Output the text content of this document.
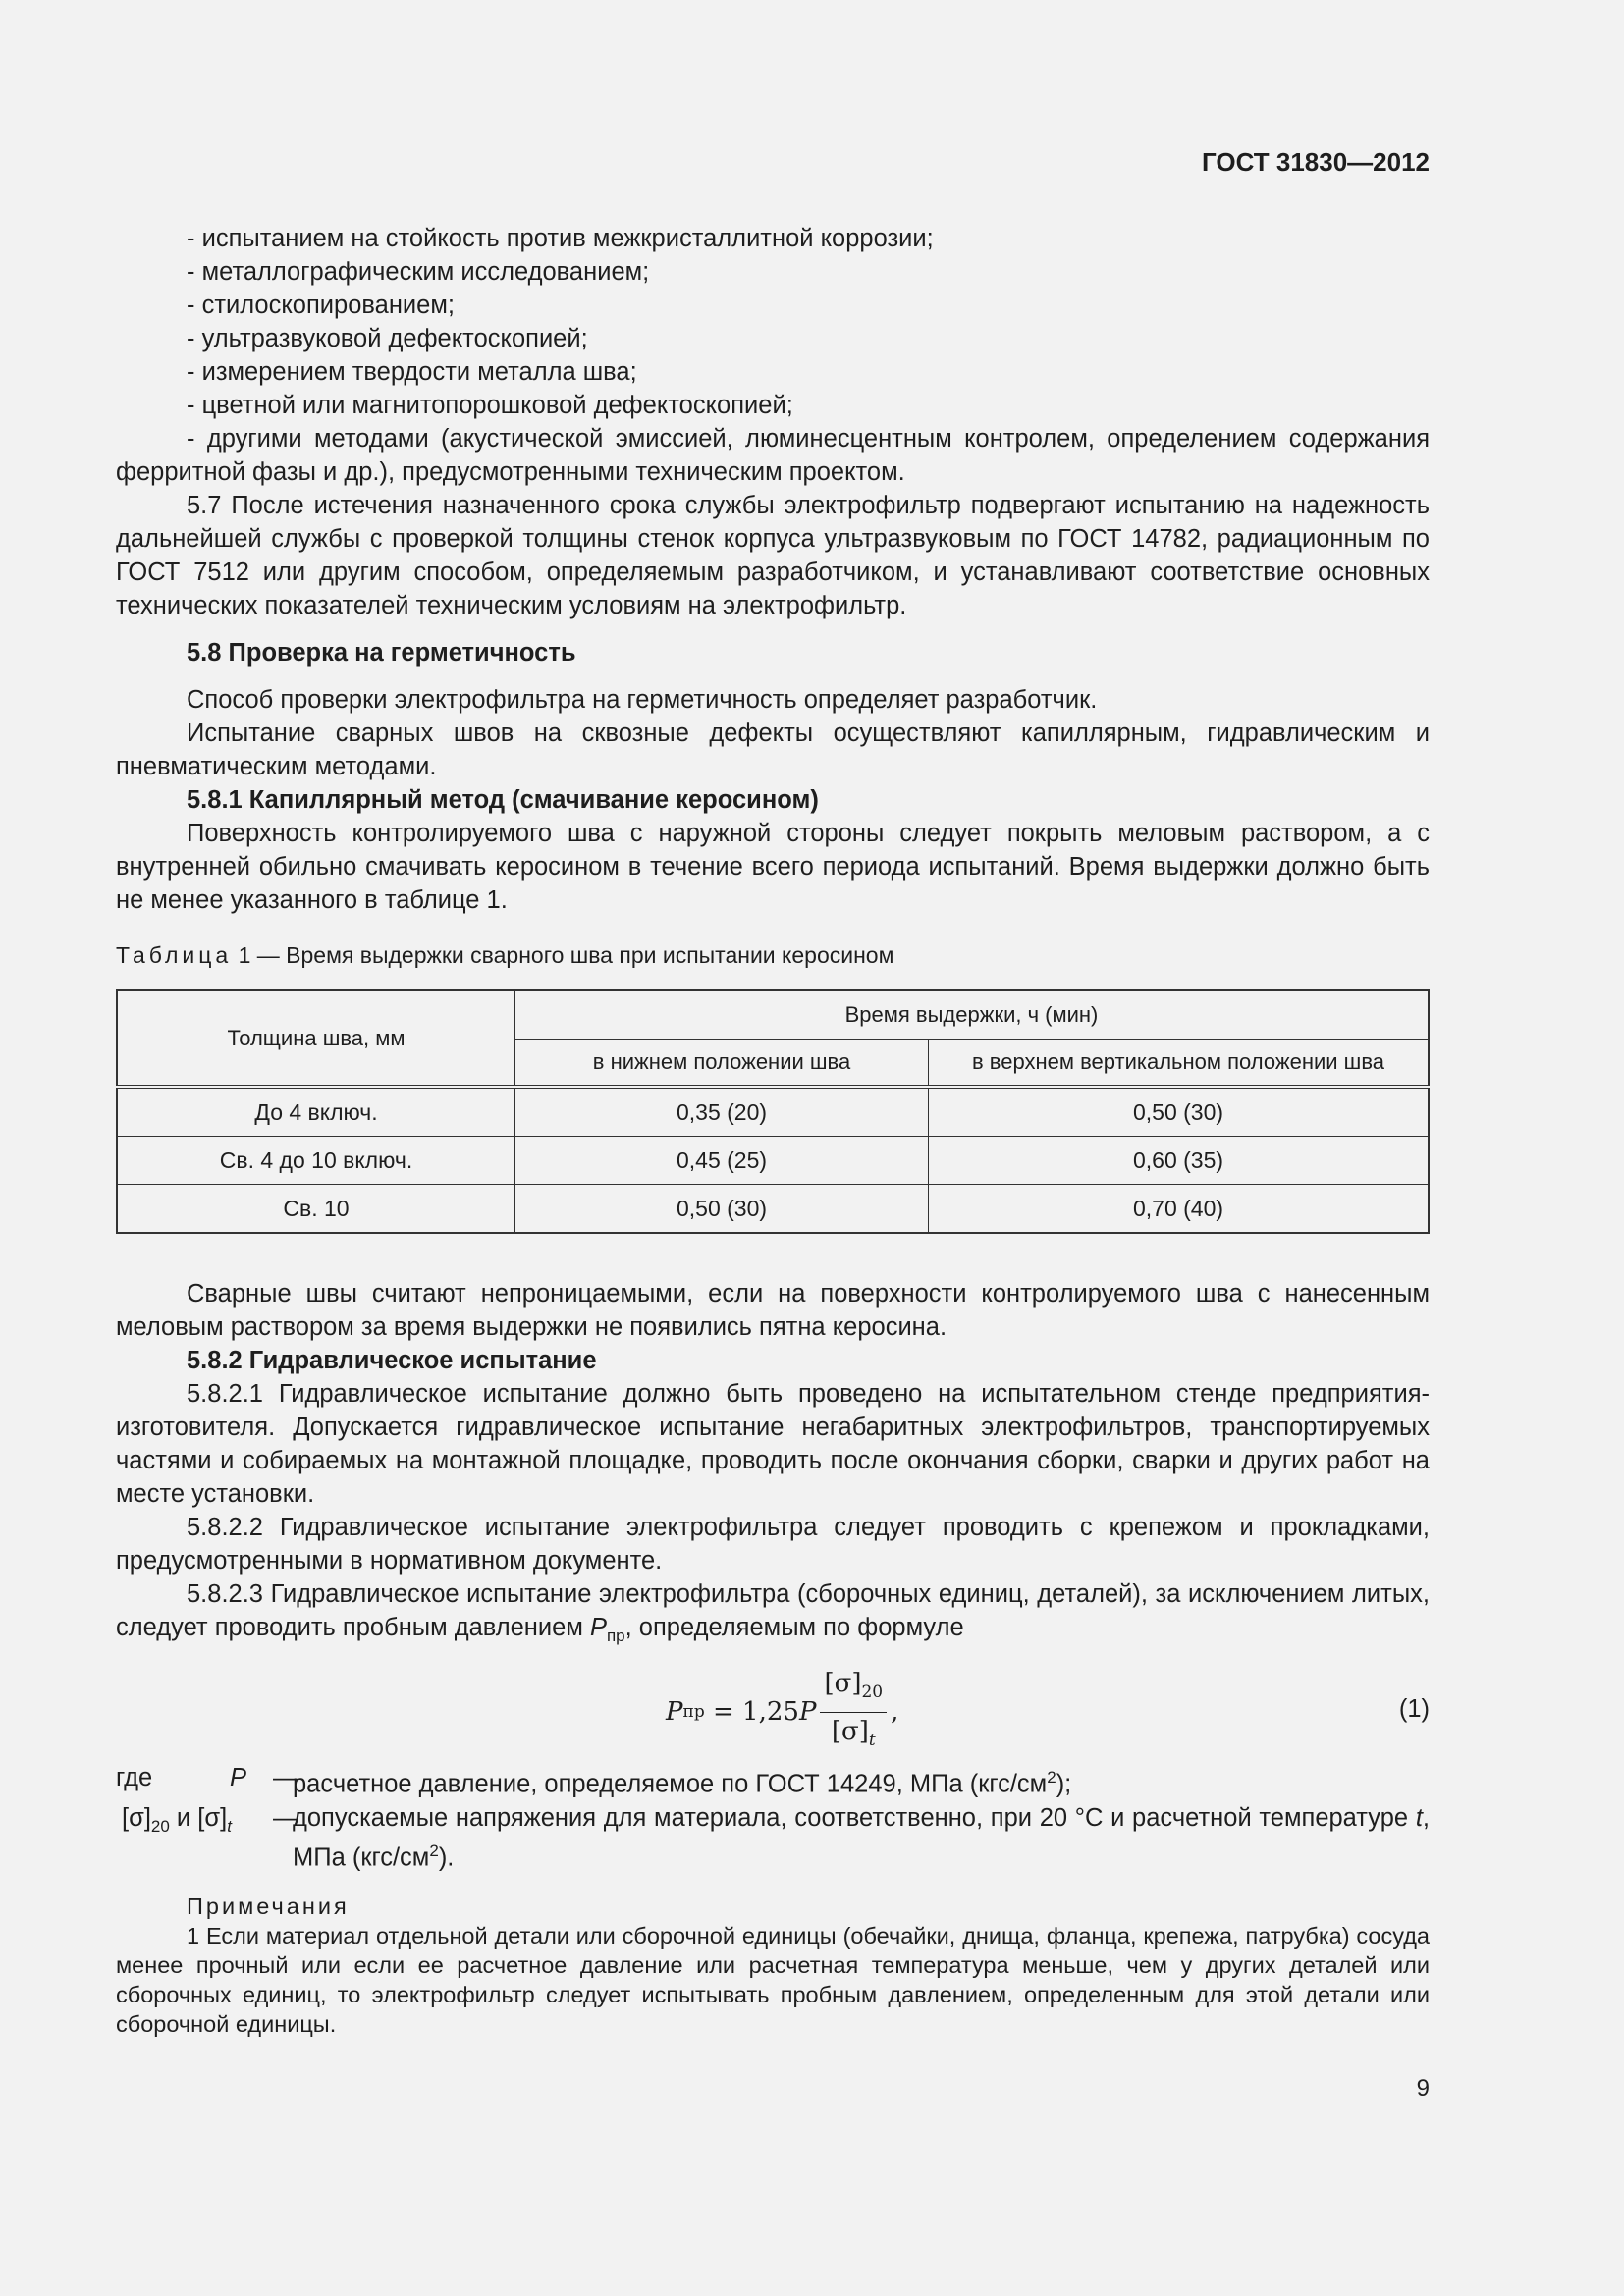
ГОСТ 31830—2012

- испытанием на стойкость против межкристаллитной коррозии;

- металлографическим исследованием;

- стилоскопированием;

- ультразвуковой дефектоскопией;

- измерением твердости металла шва;

- цветной или магнитопорошковой дефектоскопией;

- другими методами (акустической эмиссией, люминесцентным контролем, определением содержания ферритной фазы и др.), предусмотренными техническим проектом.

5.7 После истечения назначенного срока службы электрофильтр подвергают испытанию на надежность дальнейшей службы с проверкой толщины стенок корпуса ультразвуковым по ГОСТ 14782, радиационным по ГОСТ 7512 или другим способом, определяемым разработчиком, и устанавливают соответствие основных технических показателей техническим условиям на электрофильтр.

5.8 Проверка на герметичность

Способ проверки электрофильтра на герметичность определяет разработчик.

Испытание сварных швов на сквозные дефекты осуществляют капиллярным, гидравлическим и пневматическим методами.

5.8.1 Капиллярный метод (смачивание керосином)

Поверхность контролируемого шва с наружной стороны следует покрыть меловым раствором, а с внутренней обильно смачивать керосином в течение всего периода испытаний. Время выдержки должно быть не менее указанного в таблице 1.

Таблица 1 — Время выдержки сварного шва при испытании керосином

Толщина шва, мм	Время выдержки, ч (мин)	
	в нижнем положении шва	в верхнем вертикальном положении шва
До 4 включ.	0,35 (20)	0,50 (30)
Св. 4 до 10 включ.	0,45 (25)	0,60 (35)
Св. 10	0,50 (30)	0,70 (40)

Сварные швы считают непроницаемыми, если на поверхности контролируемого шва с нанесенным меловым раствором за время выдержки не появились пятна керосина.

5.8.2 Гидравлическое испытание

5.8.2.1 Гидравлическое испытание должно быть проведено на испытательном стенде предприятия-изготовителя. Допускается гидравлическое испытание негабаритных электрофильтров, транспортируемых частями и собираемых на монтажной площадке, проводить после окончания сборки, сварки и других работ на месте установки.

5.8.2.2 Гидравлическое испытание электрофильтра следует проводить с крепежом и прокладками, предусмотренными в нормативном документе.

5.8.2.3 Гидравлическое испытание электрофильтра (сборочных единиц, деталей), за исключением литых, следует проводить пробным давлением $P_{пр}$, определяемым по формуле

P пр = 1,25 P $\frac{[\sigma]_{20}}{[\sigma]_t}$ ,	(1)
где	P	—
расчетное давление, определяемое по ГОСТ 14249, МПа $(кгс/см^2)$;
$[\sigma]_{20}$ и $[\sigma]_t$	—
допускаемые напряжения для материала, соответственно, при 20 °С и расчетной температуре t, МПа $(кгс/см^2)$.

Примечания

1 Если материал отдельной детали или сборочной единицы (обечайки, днища, фланца, крепежа, патрубка) сосуда менее прочный или если ее расчетное давление или расчетная температура меньше, чем у других деталей или сборочных единиц, то электрофильтр следует испытывать пробным давлением, определенным для этой детали или сборочной единицы.

9
